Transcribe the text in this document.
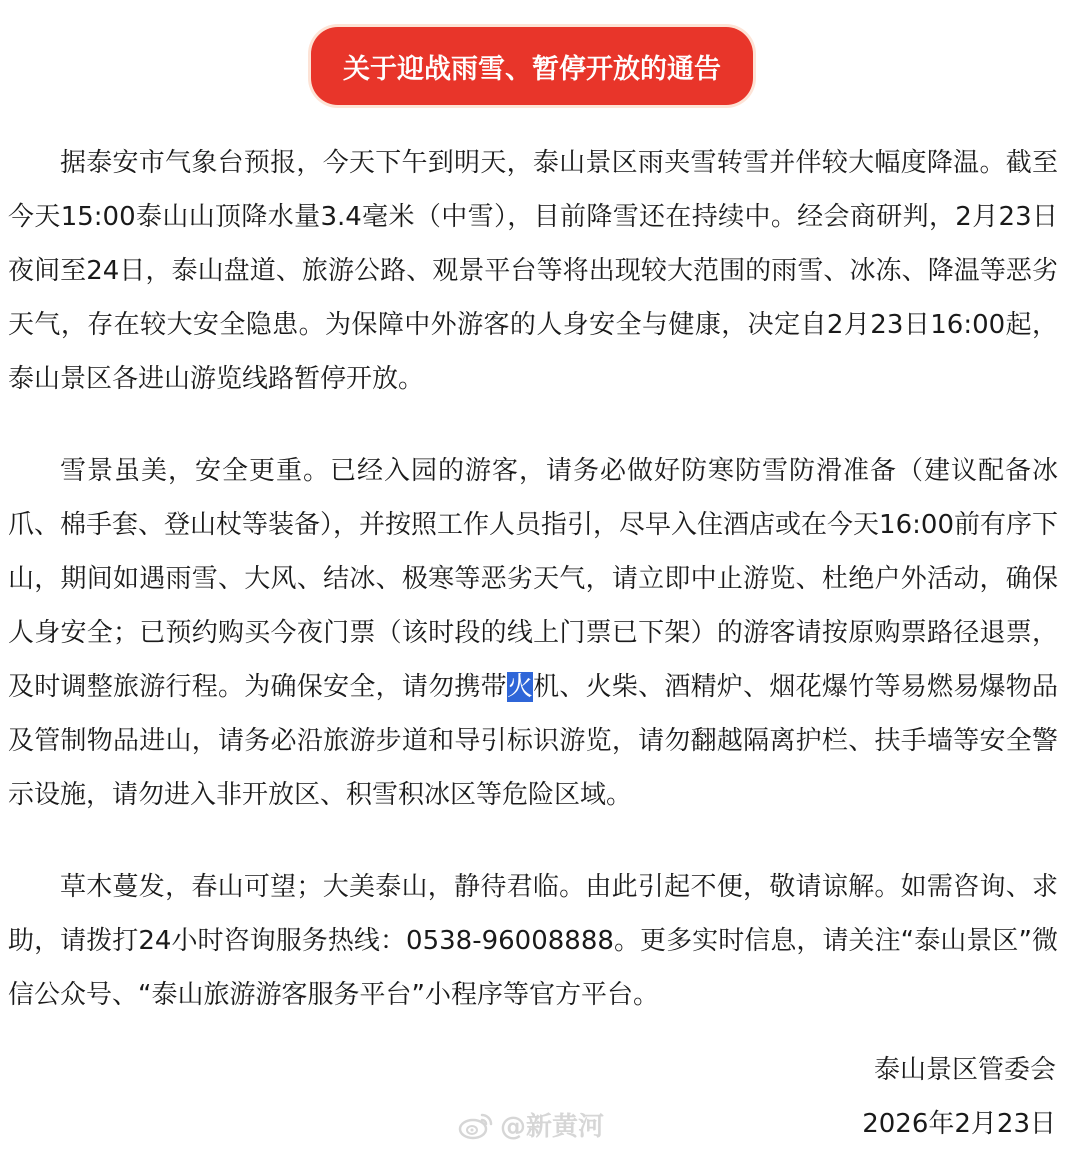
关于迎战雨雪、暂停开放的通告

据泰安市气象台预报，今天下午到明天，泰山景区雨夹雪转雪并伴较大幅度降温。截至今天15:00泰山山顶降水量3.4毫米（中雪），目前降雪还在持续中。经会商研判，2月23日夜间至24日，泰山盘道、旅游公路、观景平台等将出现较大范围的雨雪、冰冻、降温等恶劣天气，存在较大安全隐患。为保障中外游客的人身安全与健康，决定自2月23日16:00起，泰山景区各进山游览线路暂停开放。

雪景虽美，安全更重。已经入园的游客，请务必做好防寒防雪防滑准备（建议配备冰爪、棉手套、登山杖等装备），并按照工作人员指引，尽早入住酒店或在今天16:00前有序下山，期间如遇雨雪、大风、结冰、极寒等恶劣天气，请立即中止游览、杜绝户外活动，确保人身安全；已预约购买今夜门票（该时段的线上门票已下架）的游客请按原购票路径退票，及时调整旅游行程。为确保安全，请勿携带火机、火柴、酒精炉、烟花爆竹等易燃易爆物品及管制物品进山，请务必沿旅游步道和导引标识游览，请勿翻越隔离护栏、扶手墙等安全警示设施，请勿进入非开放区、积雪积冰区等危险区域。

草木蔓发，春山可望；大美泰山，静待君临。由此引起不便，敬请谅解。如需咨询、求助，请拨打24小时咨询服务热线：0538-96008888。更多实时信息，请关注“泰山景区”微信公众号、“泰山旅游游客服务平台”小程序等官方平台。

泰山景区管委会
2026年2月23日
@新黄河
